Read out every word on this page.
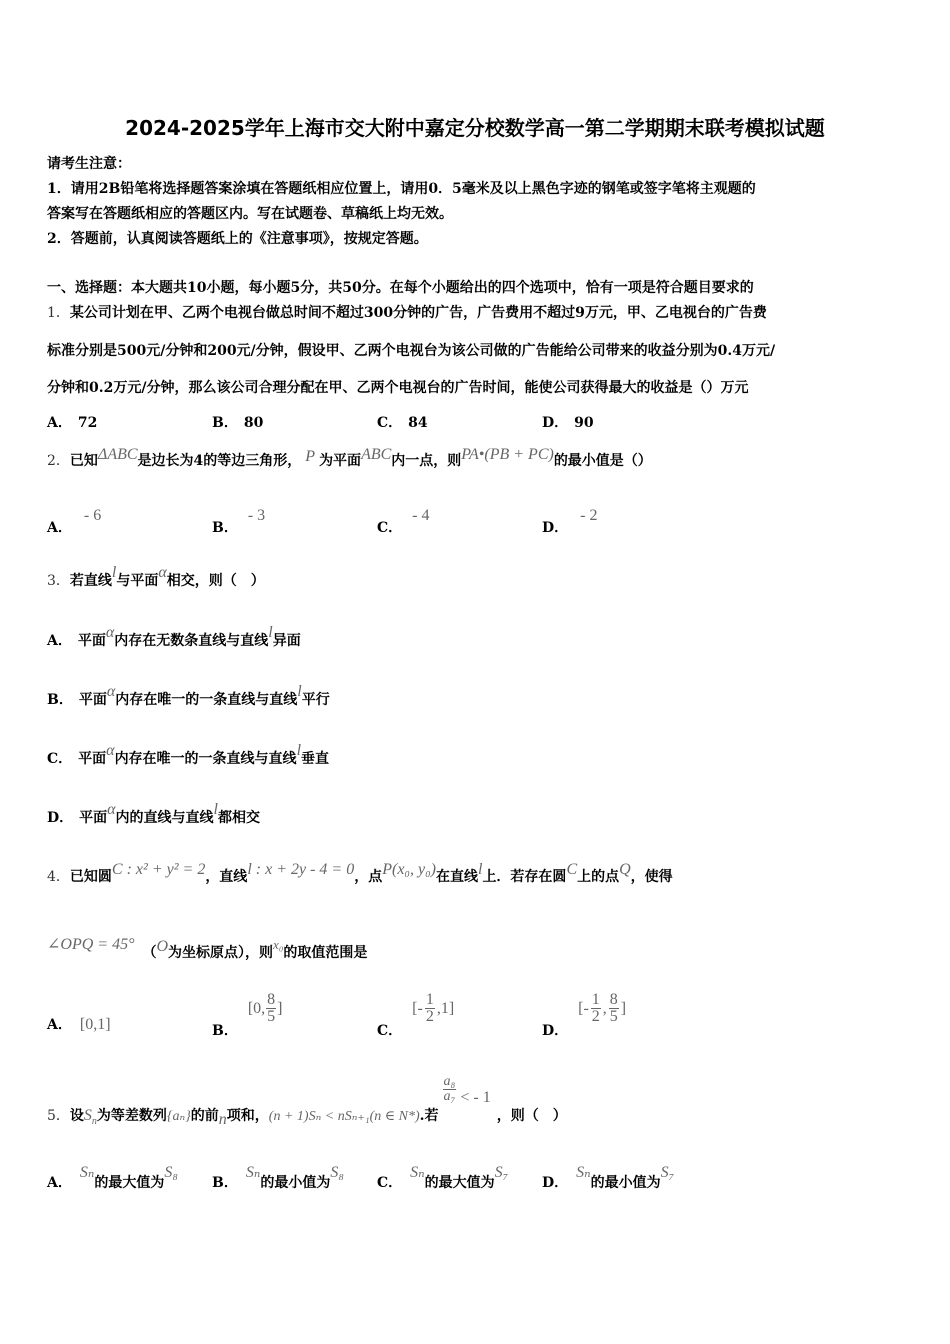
2024-2025学年上海市交大附中嘉定分校数学高一第二学期期末联考模拟试题
请考生注意：
1．请用2B铅笔将选择题答案涂填在答题纸相应位置上，请用0．5毫米及以上黑色字迹的钢笔或签字笔将主观题的
答案写在答题纸相应的答题区内。写在试题卷、草稿纸上均无效。
2．答题前，认真阅读答题纸上的《注意事项》，按规定答题。
一、选择题：本大题共10小题，每小题5分，共50分。在每个小题给出的四个选项中，恰有一项是符合题目要求的
1．某公司计划在甲、乙两个电视台做总时间不超过300分钟的广告，广告费用不超过9万元，甲、乙电视台的广告费
标准分别是500元/分钟和200元/分钟，假设甲、乙两个电视台为该公司做的广告能给公司带来的收益分别为0.4万元/
分钟和0.2万元/分钟，那么该公司合理分配在甲、乙两个电视台的广告时间，能使公司获得最大的收益是（）万元
A． 72	B． 80	C． 84	D． 90
2．已知ΔABC是边长为4的等边三角形， P 为平面ABC内一点，则PA•(PB + PC)的最小值是（）
A．- 6
B．- 3
C．- 4
D．- 2
3．若直线l与平面α相交，则（　）
A． 平面α内存在无数条直线与直线l异面
B． 平面α内存在唯一的一条直线与直线l平行
C． 平面α内存在唯一的一条直线与直线l垂直
D． 平面α内的直线与直线l都相交
4．已知圆C : x² + y² = 2，直线l : x + 2y - 4 = 0，点P(x₀, y₀)在直线l上．若存在圆C上的点Q，使得
∠OPQ = 45° （O为坐标原点），则x₀的取值范围是
A． [0,1]	B．
[0, $\frac{8}{5}$ ]
C．
[- $\frac{1}{2} ,1$]
D．
[- $\frac{1}{2}$ , $\frac{8}{5}$ ]
5．设$S_n$为等差数列{aₙ}的前n项和，(n + 1)Sₙ < nSₙ₊₁(n ∈ N*).若
$\frac{\text{a₈}}{\text{a₇}}$ < - 1，则（　）
A．Sₙ的最大值为S₈
B．Sₙ的最小值为S₈
C．Sₙ的最大值为S₇
D．Sₙ的最小值为S₇
